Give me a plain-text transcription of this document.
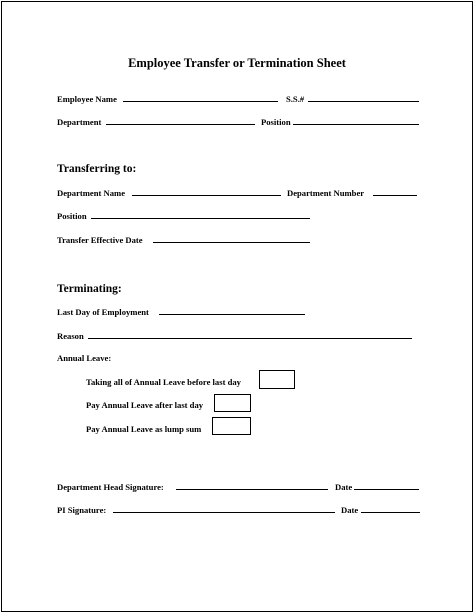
Employee Transfer or Termination Sheet
Employee Name	S.S.#
Department	Position
Transferring to:
Department Name	Department Number
Position
Transfer Effective Date
Terminating:
Last Day of Employment
Reason
Annual Leave:
Taking all of Annual Leave before last day
Pay Annual Leave after last day
Pay Annual Leave as lump sum
Department Head Signature:	Date
PI Signature:	Date
